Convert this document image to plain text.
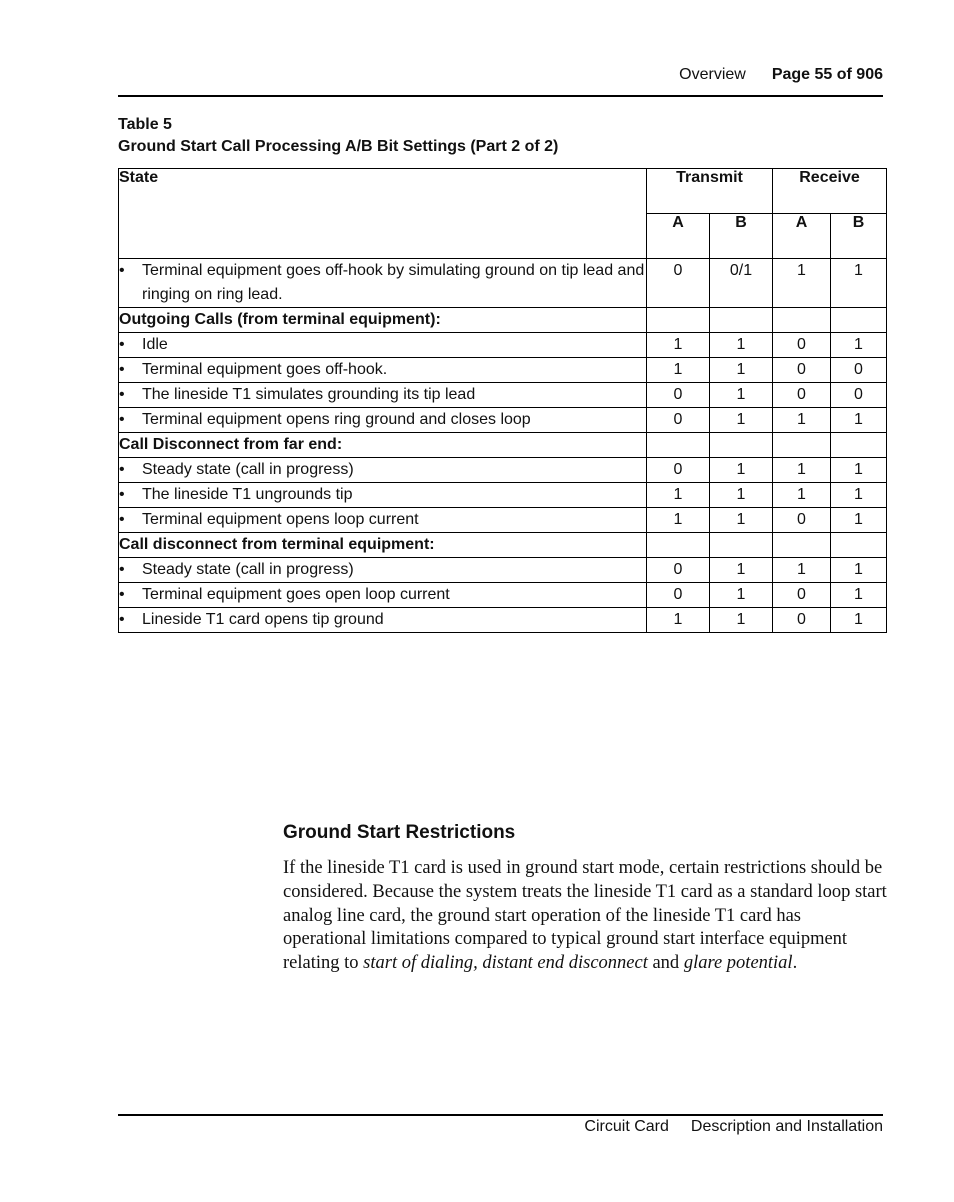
Overview Page 55 of 906
Table 5
Ground Start Call Processing A/B Bit Settings (Part 2 of 2)
State	Transmit		Receive	
	A	B	A	B

• Terminal equipment goes off-hook by simulating ground on tip lead and ringing on ring lead.	0	0/1	1	1
Outgoing Calls (from terminal equipment):				

• Idle	1	1	0	1

• Terminal equipment goes off-hook.	1	1	0	0

• The lineside T1 simulates grounding its tip lead	0	1	0	0

• Terminal equipment opens ring ground and closes loop	0	1	1	1
Call Disconnect from far end:				

• Steady state (call in progress)	0	1	1	1

• The lineside T1 ungrounds tip	1	1	1	1

• Terminal equipment opens loop current	1	1	0	1
Call disconnect from terminal equipment:				

• Steady state (call in progress)	0	1	1	1

• Terminal equipment goes open loop current	0	1	0	1

• Lineside T1 card opens tip ground	1	1	0	1
Ground Start Restrictions
If the lineside T1 card is used in ground start mode, certain restrictions should be considered. Because the system treats the lineside T1 card as a standard loop start analog line card, the ground start operation of the lineside T1 card has operational limitations compared to typical ground start interface equipment relating to start of dialing, distant end disconnect and glare potential.
Circuit Card Description and Installation
